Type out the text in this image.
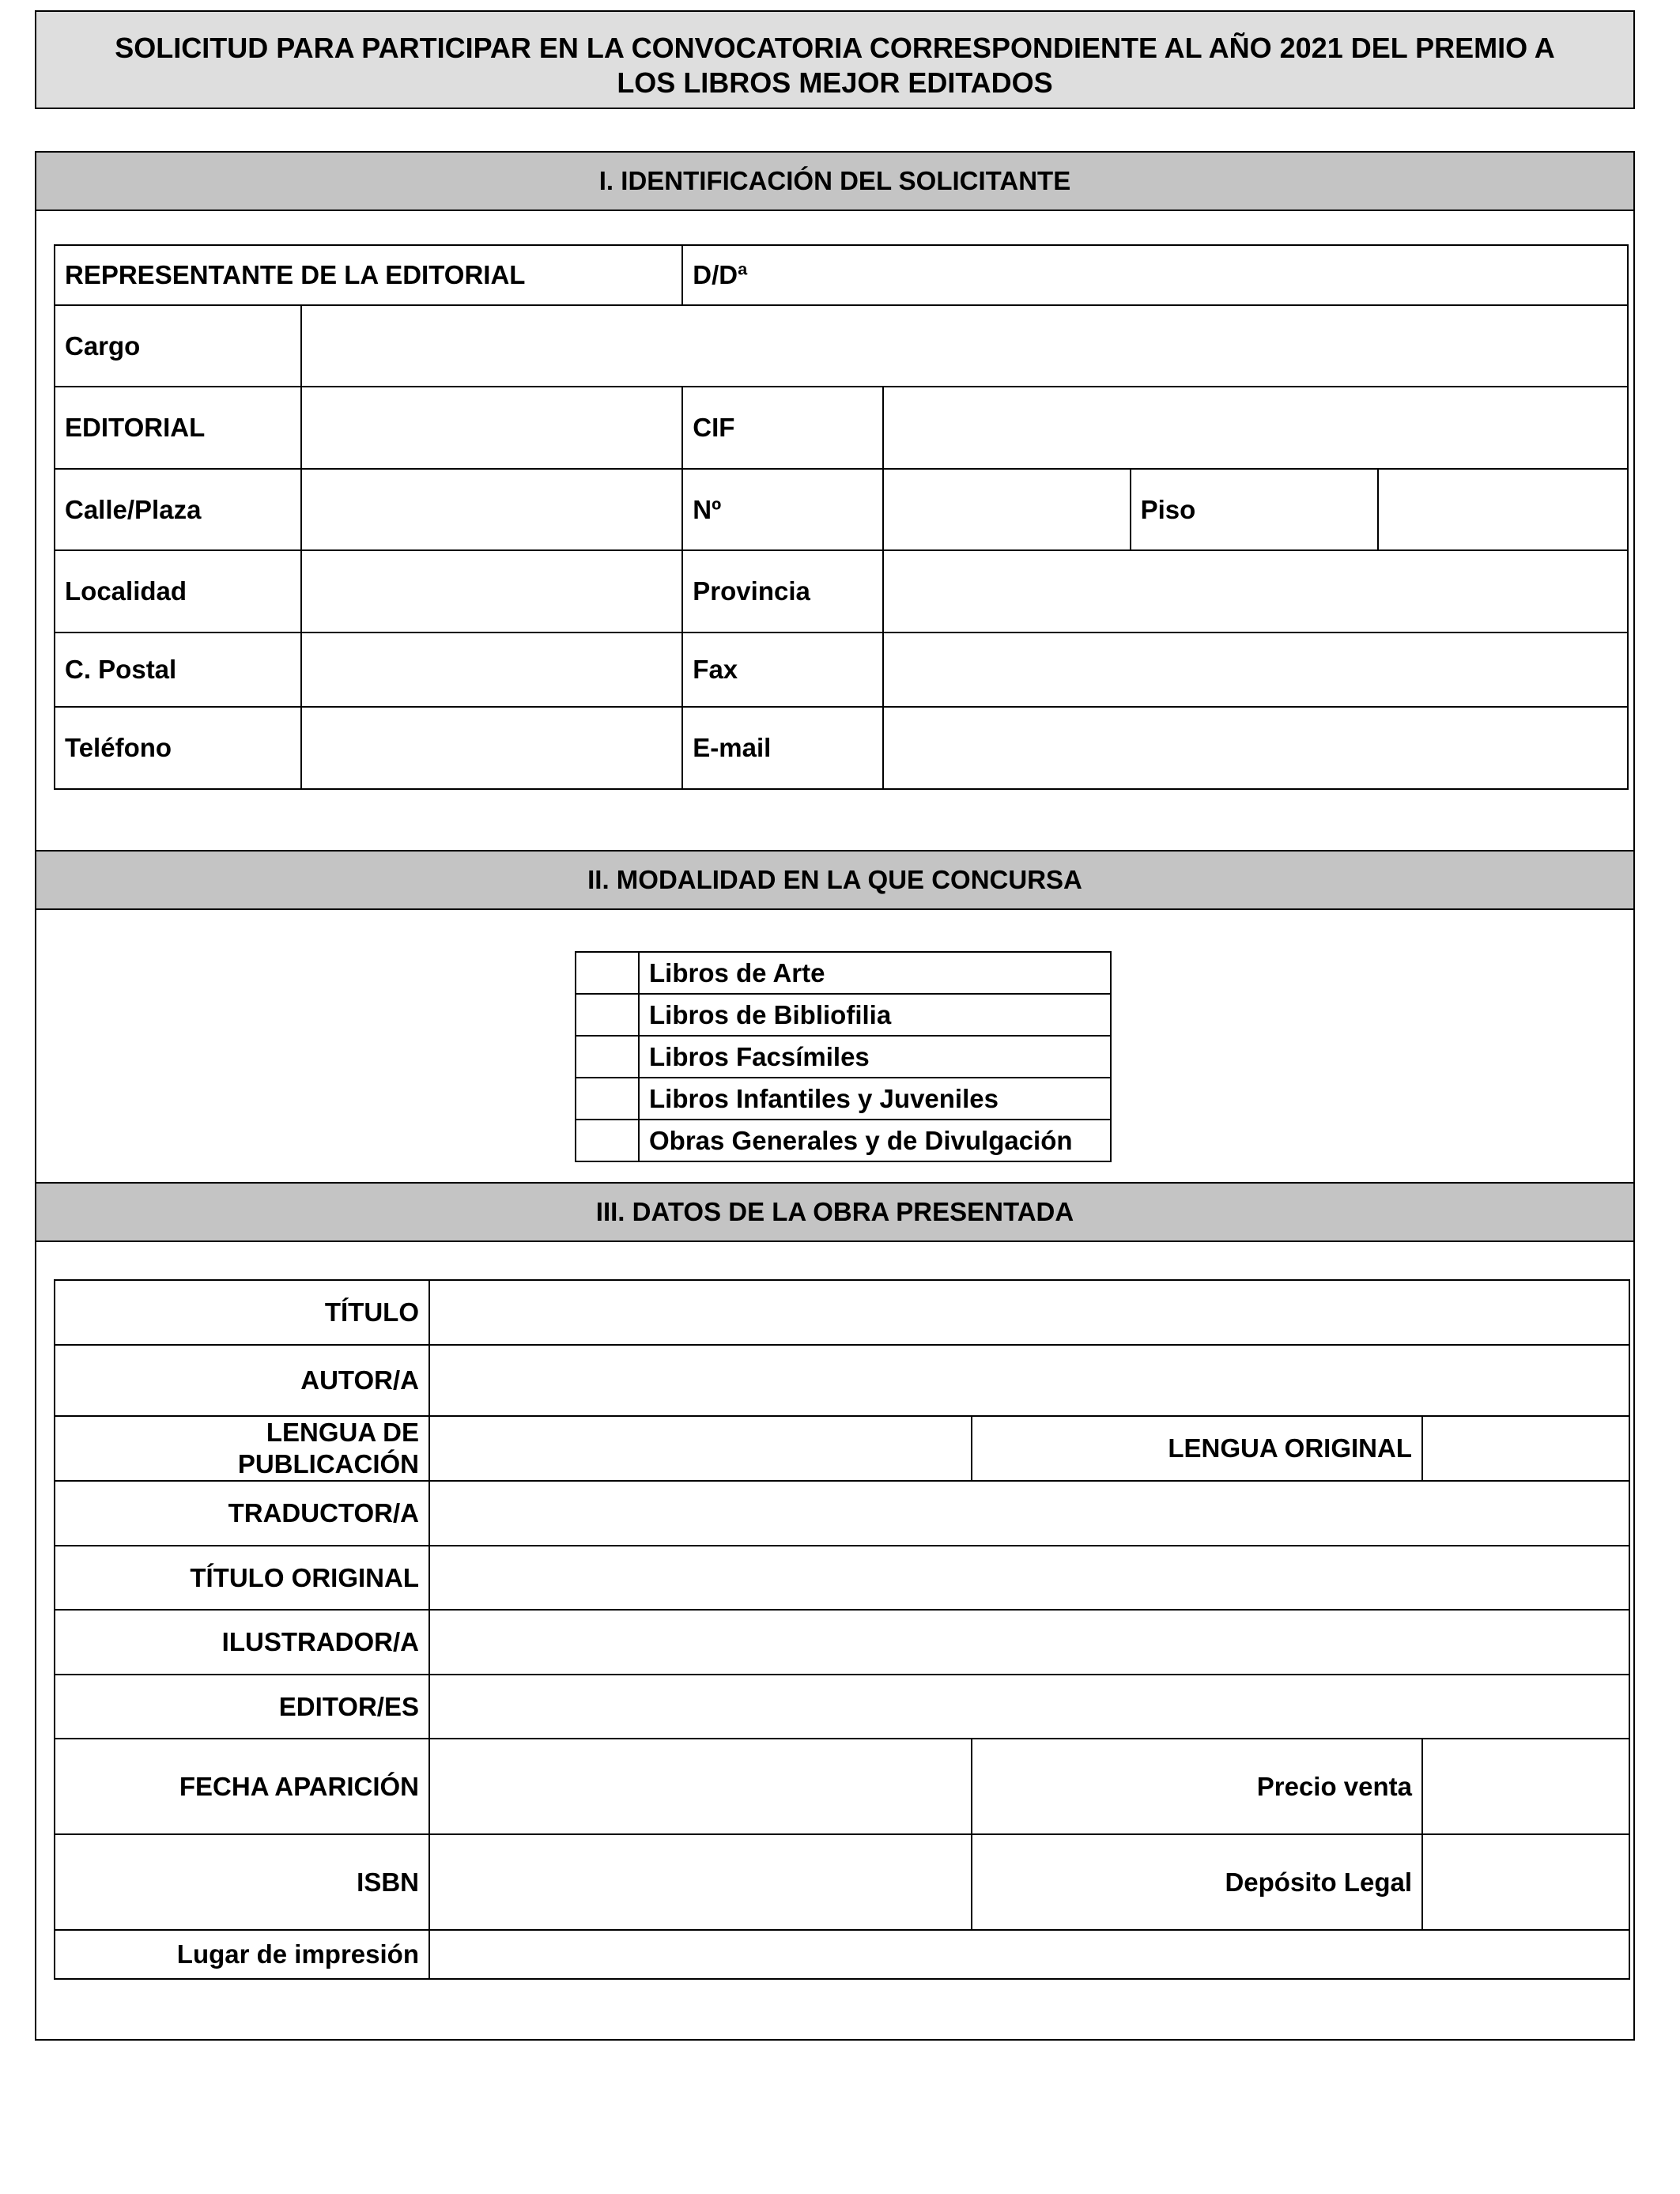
SOLICITUD PARA PARTICIPAR EN LA CONVOCATORIA CORRESPONDIENTE AL AÑO 2021 DEL PREMIO A
LOS LIBROS MEJOR EDITADOS
I. IDENTIFICACIÓN DEL SOLICITANTE
REPRESENTANTE DE LA EDITORIAL		D/Dª			
Cargo					
EDITORIAL		CIF			
Calle/Plaza		Nº		Piso	
Localidad		Provincia			
C. Postal		Fax			
Teléfono		E-mail			
II. MODALIDAD EN LA QUE CONCURSA
	Libros de Arte
	Libros de Bibliofilia
	Libros Facsímiles
	Libros Infantiles y Juveniles
	Obras Generales y de Divulgación
III. DATOS DE LA OBRA PRESENTADA
TÍTULO			
AUTOR/A			

LENGUA DE
PUBLICACIÓN		LENGUA ORIGINAL	
TRADUCTOR/A			
TÍTULO ORIGINAL			
ILUSTRADOR/A			
EDITOR/ES			
FECHA APARICIÓN		Precio venta	
ISBN		Depósito Legal	
Lugar de impresión			
